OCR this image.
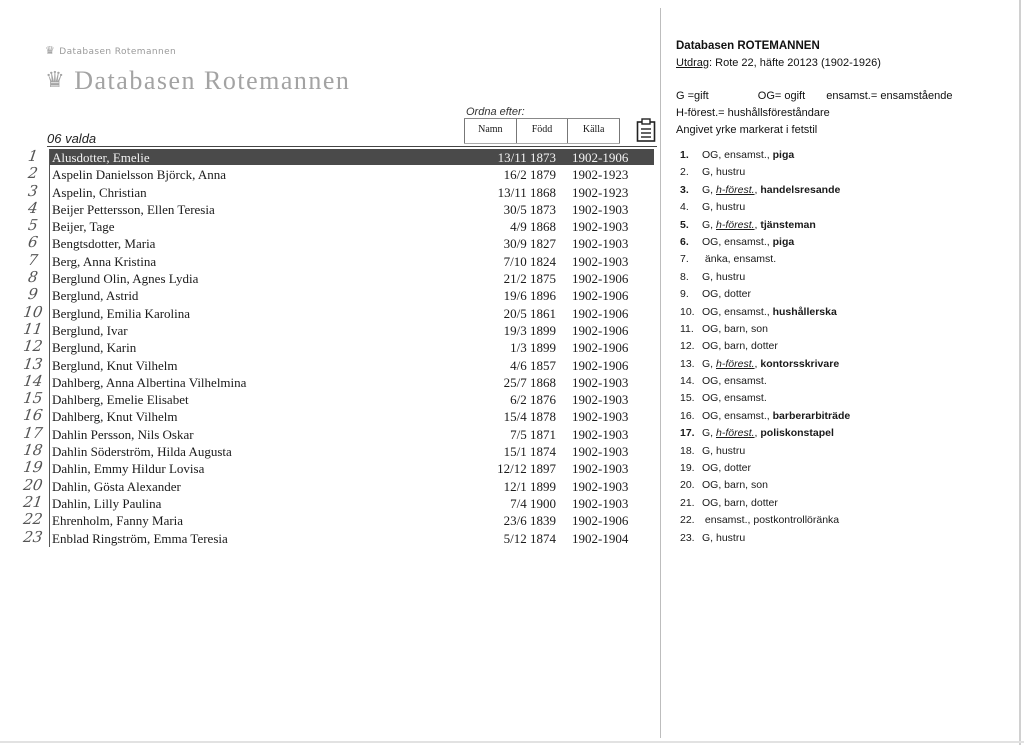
♛ Databasen Rotemannen
♛ Databasen Rotemannen
Ordna efter:
Namn	Född	Källa
06 valda
1 Alusdotter, Emelie	13/11 1873 1902-1906
2 Aspelin Danielsson Björck, Anna	16/2 1879 1902-1923
3 Aspelin, Christian	13/11 1868 1902-1923
4 Beijer Pettersson, Ellen Teresia	30/5 1873 1902-1903
5 Beijer, Tage	4/9 1868 1902-1903
6 Bengtsdotter, Maria	30/9 1827 1902-1903
7 Berg, Anna Kristina	7/10 1824 1902-1903
8 Berglund Olin, Agnes Lydia	21/2 1875 1902-1906
9 Berglund, Astrid	19/6 1896 1902-1906
10 Berglund, Emilia Karolina	20/5 1861 1902-1906
11 Berglund, Ivar	19/3 1899 1902-1906
12 Berglund, Karin	1/3 1899 1902-1906
13 Berglund, Knut Vilhelm	4/6 1857 1902-1906
14 Dahlberg, Anna Albertina Vilhelmina	25/7 1868 1902-1903
15 Dahlberg, Emelie Elisabet	6/2 1876 1902-1903
16 Dahlberg, Knut Vilhelm	15/4 1878 1902-1903
17 Dahlin Persson, Nils Oskar	7/5 1871 1902-1903
18 Dahlin Söderström, Hilda Augusta	15/1 1874 1902-1903
19 Dahlin, Emmy Hildur Lovisa	12/12 1897 1902-1903
20 Dahlin, Gösta Alexander	12/1 1899 1902-1903
21 Dahlin, Lilly Paulina	7/4 1900 1902-1903
22 Ehrenholm, Fanny Maria	23/6 1839 1902-1906
23 Enblad Ringström, Emma Teresia	5/12 1874 1902-1904
Databasen ROTEMANNEN
Utdrag: Rote 22, häfte 20123 (1902-1926)
G =gift	OG= ogift ensamst.= ensamstående
H-förest.= hushållsföreståndare
Angivet yrke markerat i fetstil
1. OG, ensamst., piga
2. G, hustru
3. G, h-förest., handelsresande
4. G, hustru
5. G, h-förest., tjänsteman
6. OG, ensamst., piga
7. änka, ensamst.
8. G, hustru
9. OG, dotter
10. OG, ensamst., hushållerska
11. OG, barn, son
12. OG, barn, dotter
13. G, h-förest., kontorsskrivare
14. OG, ensamst.
15. OG, ensamst.
16. OG, ensamst., barberarbiträde
17. G, h-förest., poliskonstapel
18. G, hustru
19. OG, dotter
20. OG, barn, son
21. OG, barn, dotter
22. ensamst., postkontrollöränka
23. G, hustru
